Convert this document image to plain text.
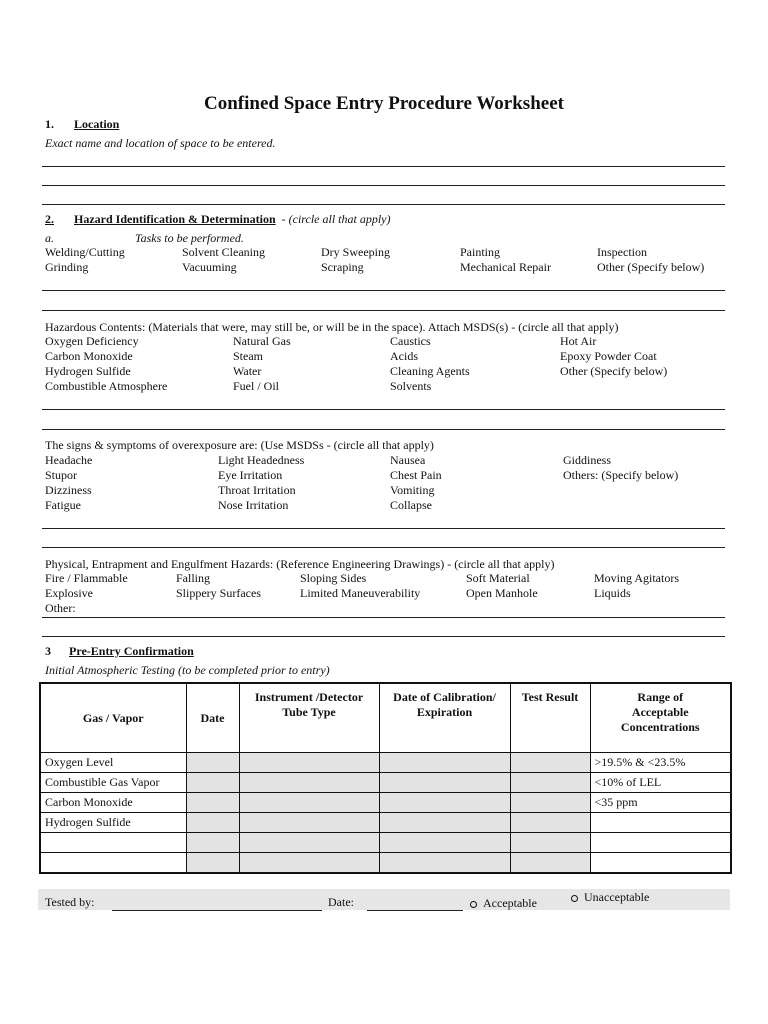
Confined Space Entry Procedure Worksheet
1. Location
Exact name and location of space to be entered.
2. Hazard Identification & Determination  - (circle all that apply)
a.	Tasks to be performed.
Welding/Cutting	Solvent Cleaning	Dry Sweeping	Painting	Inspection
Grinding	Vacuuming	Scraping	Mechanical Repair	Other (Specify below)
Hazardous Contents: (Materials that were, may still be, or will be in the space). Attach MSDS(s) - (circle all that apply)
Oxygen Deficiency	Natural Gas	Caustics	Hot Air
Carbon Monoxide	Steam	Acids	Epoxy Powder Coat
Hydrogen Sulfide	Water	Cleaning Agents	Other (Specify below)
Combustible Atmosphere	Fuel / Oil	Solvents
The signs & symptoms of overexposure are: (Use MSDSs - (circle all that apply)
Headache	Light Headedness	Nausea	Giddiness
Stupor	Eye Irritation	Chest Pain	Others: (Specify below)
Dizziness	Throat Irritation	Vomiting
Fatigue	Nose Irritation	Collapse
Physical, Entrapment and Engulfment Hazards: (Reference Engineering Drawings) - (circle all that apply)
Fire / Flammable	Falling	Sloping Sides	Soft Material	Moving Agitators
Explosive	Slippery Surfaces	Limited Maneuverability	Open Manhole	Liquids
Other:
3 Pre-Entry Confirmation
Initial Atmospheric Testing (to be completed prior to entry)
Gas / Vapor	Date	Instrument /Detector Tube Type	Date of Calibration/ Expiration	Test Result	Range of Acceptable Concentrations
Oxygen Level					>19.5% & <23.5%
Combustible Gas Vapor					<10% of LEL
Carbon Monoxide					<35 ppm
Hydrogen Sulfide					

Tested by:	Date:	Acceptable	Unacceptable
